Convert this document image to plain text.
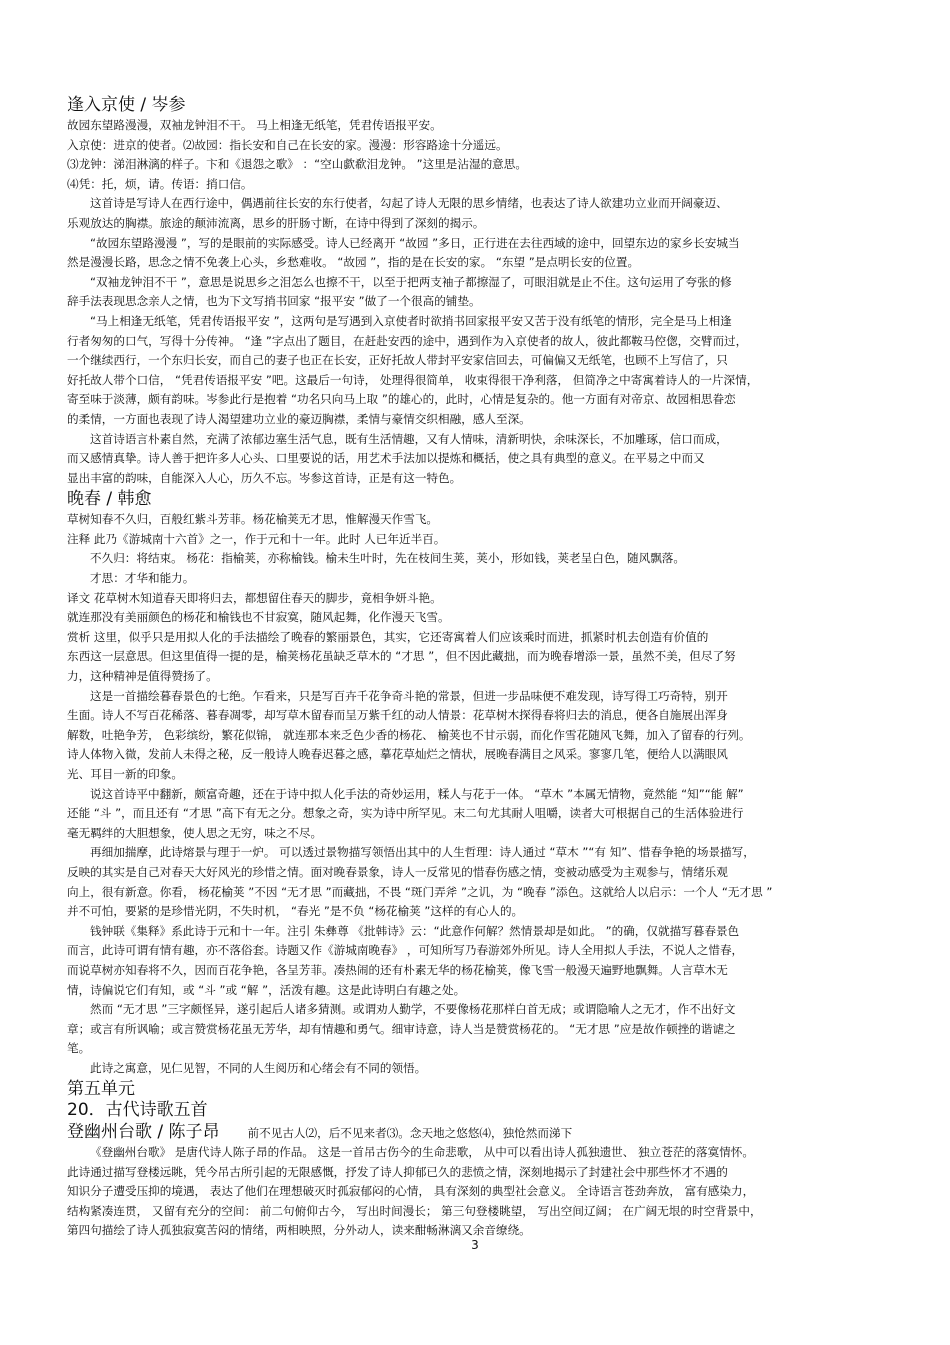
逢入京使 / 岑参
故园东望路漫漫，双袖龙钟泪不干。 马上相逢无纸笔，凭君传语报平安。
入京使：进京的使者。⑵故园：指长安和自己在长安的家。漫漫：形容路途十分遥远。
⑶龙钟：涕泪淋漓的样子。卞和《退怨之歌》 ：“空山歔欷泪龙钟。 ”这里是沾湿的意思。
⑷凭：托，烦，请。传语：捎口信。
这首诗是写诗人在西行途中，偶遇前往长安的东行使者，勾起了诗人无限的思乡情绪，也表达了诗人欲建功立业而开阔豪迈、
乐观放达的胸襟。旅途的颠沛流离，思乡的肝肠寸断，在诗中得到了深刻的揭示。
“故园东望路漫漫 ”，写的是眼前的实际感受。诗人已经离开 “故园 ”多日，正行进在去往西域的途中，回望东边的家乡长安城当
然是漫漫长路，思念之情不免袭上心头，乡愁难收。 “故园 ”，指的是在长安的家。 “东望 ”是点明长安的位置。
“双袖龙钟泪不干 ”，意思是说思乡之泪怎么也擦不干，以至于把两支袖子都擦湿了，可眼泪就是止不住。这句运用了夸张的修
辞手法表现思念亲人之情，也为下文写捎书回家 “报平安 ”做了一个很高的铺垫。
“马上相逢无纸笔，凭君传语报平安 ”，这两句是写遇到入京使者时欲捎书回家报平安又苦于没有纸笔的情形，完全是马上相逢
行者匆匆的口气，写得十分传神。 “逢 ”字点出了题目，在赶赴安西的途中，遇到作为入京使者的故人，彼此都鞍马倥偬，交臂而过，
一个继续西行，一个东归长安，而自己的妻子也正在长安，正好托故人带封平安家信回去，可偏偏又无纸笔，也顾不上写信了，只
好托故人带个口信， “凭君传语报平安 ”吧。这最后一句诗， 处理得很简单， 收束得很干净利落， 但简净之中寄寓着诗人的一片深情，
寄至味于淡薄，颇有韵味。岑参此行是抱着 “功名只向马上取 ”的雄心的，此时，心情是复杂的。他一方面有对帝京、故园相思眷恋
的柔情，一方面也表现了诗人渴望建功立业的豪迈胸襟，柔情与豪情交织相融，感人至深。
这首诗语言朴素自然，充满了浓郁边塞生活气息，既有生活情趣，又有人情味，清新明快，余味深长，不加雕琢，信口而成，
而又感情真挚。诗人善于把许多人心头、口里要说的话，用艺术手法加以提炼和概括，使之具有典型的意义。在平易之中而又
显出丰富的韵味，自能深入人心，历久不忘。岑参这首诗，正是有这一特色。
晚春 / 韩愈
草树知春不久归，百般红紫斗芳菲。杨花榆荚无才思，惟解漫天作雪飞。
注释 此乃《游城南十六首》之一，作于元和十一年。此时 人已年近半百。
不久归：将结束。 杨花：指榆荚，亦称榆钱。榆未生叶时，先在枝间生荚，荚小，形如钱，荚老呈白色，随风飘落。
才思：才华和能力。
译文 花草树木知道春天即将归去，都想留住春天的脚步，竟相争妍斗艳。
就连那没有美丽颜色的杨花和榆钱也不甘寂寞，随风起舞，化作漫天飞雪。
赏析 这里，似乎只是用拟人化的手法描绘了晚春的繁丽景色，其实，它还寄寓着人们应该乘时而进，抓紧时机去创造有价值的
东西这一层意思。但这里值得一提的是，榆荚杨花虽缺乏草木的 “才思 ”，但不因此藏拙，而为晚春增添一景，虽然不美，但尽了努
力，这种精神是值得赞扬了。
这是一首描绘暮春景色的七绝。乍看来，只是写百卉千花争奇斗艳的常景，但进一步品味便不难发现，诗写得工巧奇特，别开
生面。诗人不写百花稀落、暮春凋零，却写草木留春而呈万紫千红的动人情景：花草树木探得春将归去的消息，便各自施展出浑身
解数，吐艳争芳， 色彩缤纷，繁花似锦， 就连那本来乏色少香的杨花、 榆荚也不甘示弱，而化作雪花随风飞舞，加入了留春的行列。
诗人体物入微，发前人未得之秘，反一般诗人晚春迟暮之感，摹花草灿烂之情状，展晚春满目之风采。寥寥几笔，便给人以满眼风
光、耳目一新的印象。
说这首诗平中翻新，颇富奇趣，还在于诗中拟人化手法的奇妙运用，糅人与花于一体。 “草木 ”本属无情物，竟然能 “知”“能 解”
还能 “斗 ”，而且还有 “才思 ”高下有无之分。想象之奇，实为诗中所罕见。末二句尤其耐人咀嚼，读者大可根据自己的生活体验进行
毫无羁绊的大胆想象，使人思之无穷，味之不尽。
再细加揣摩，此诗熔景与理于一炉。 可以透过景物描写领悟出其中的人生哲理：诗人通过 “草木 ”“有 知”、惜春争艳的场景描写，
反映的其实是自己对春天大好风光的珍惜之情。面对晚春景象，诗人一反常见的惜春伤感之情，变被动感受为主观参与，情绪乐观
向上，很有新意。你看， 杨花榆荚 ”不因 “无才思 ”而藏拙，不畏 “斑门弄斧 ”之讥，为 “晚春 ”添色。这就给人以启示：一个人 “无才思 ”
并不可怕，要紧的是珍惜光阴，不失时机， “春光 ”是不负 “杨花榆荚 ”这样的有心人的。
钱钟联《集释》系此诗于元和十一年。注引 朱彝尊 《批韩诗》云：“此意作何解？然情景却是如此。 ”的确，仅就描写暮春景色
而言，此诗可谓有情有趣，亦不落俗套。诗题又作《游城南晚春》 ，可知所写乃春游郊外所见。诗人全用拟人手法，不说人之惜春，
而说草树亦知春将不久，因而百花争艳，各呈芳菲。凑热闹的还有朴素无华的杨花榆荚，像飞雪一般漫天遍野地飘舞。人言草木无
情，诗偏说它们有知，或 “斗 ”或 “解 ”，活泼有趣。这是此诗明白有趣之处。
然而 “无才思 ”三字颇怪异，遂引起后人诸多猜测。或谓劝人勤学，不要像杨花那样白首无成；或谓隐喻人之无才，作不出好文
章；或言有所讽喻；或言赞赏杨花虽无芳华，却有情趣和勇气。细审诗意，诗人当是赞赏杨花的。 “无才思 ”应是故作顿挫的谐谑之
笔。
此诗之寓意，见仁见智，不同的人生阅历和心绪会有不同的领悟。
第五单元
20．古代诗歌五首
登幽州台歌 / 陈子昂 前不见古人⑵，后不见来者⑶。念天地之悠悠⑷，独怆然而涕下
《登幽州台歌》 是唐代诗人陈子昂的作品。 这是一首吊古伤今的生命悲歌， 从中可以看出诗人孤独遗世、 独立苍茫的落寞情怀。
此诗通过描写登楼远眺，凭今吊古所引起的无限感慨，抒发了诗人抑郁已久的悲愤之情，深刻地揭示了封建社会中那些怀才不遇的
知识分子遭受压抑的境遇， 表达了他们在理想破灭时孤寂郁闷的心情， 具有深刻的典型社会意义。 全诗语言苍劲奔放， 富有感染力，
结构紧凑连贯， 又留有充分的空间： 前二句俯仰古今， 写出时间漫长； 第三句登楼眺望， 写出空间辽阔； 在广阔无垠的时空背景中，
第四句描绘了诗人孤独寂寞苦闷的情绪，两相映照，分外动人，读来酣畅淋漓又余音缭绕。
3
